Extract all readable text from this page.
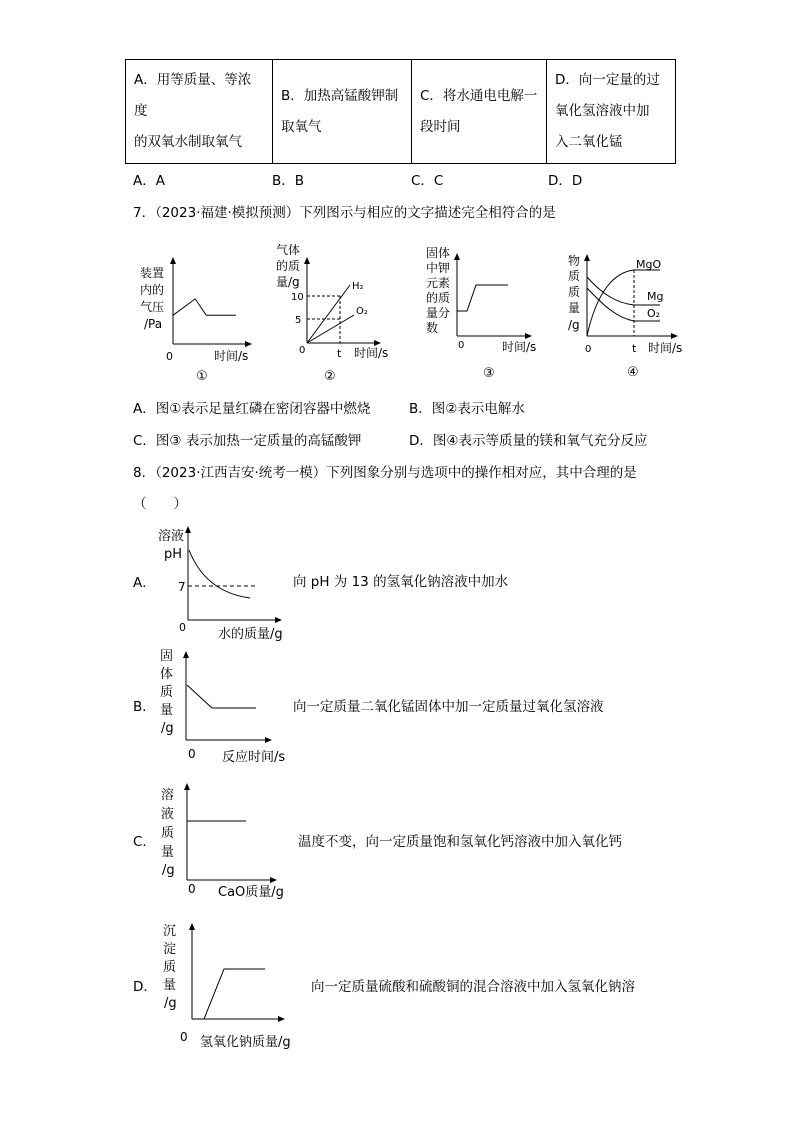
A．用等质量、等浓度
的双氧水制取氧气

B．加热高锰酸钾制
取氧气

C．将水通电电解一
段时间

D．向一定量的过
氧化氢溶液中加
入二氧化锰
A．A	B．B	C．C	D．D
7．（2023·福建·模拟预测）下列图示与相应的文字描述完全相符合的是
装置
内的
气压
/Pa
0	时间/s
①
气体
的质
量/g
10
5
H₂
O₂
0	t 时间/s
②
固体
中钾
元素
的质
量分
数
0	时间/s
③
物
质
质
量
/g
MgO
Mg
O₂
0	t 时间/s
④
A．图①表示足量红磷在密闭容器中燃烧	B．图②表示电解水
C．图③ 表示加热一定质量的高锰酸钾	D．图④表示等质量的镁和氧气充分反应
8．（2023·江西吉安·统考一模）下列图象分别与选项中的操作相对应，其中合理的是
（　　）
A．
溶液
pH
7
0 水的质量/g
向 pH 为 13 的氢氧化钠溶液中加水
B．
固
体
质
量
/g
0 反应时间/s
向一定质量二氧化锰固体中加一定质量过氧化氢溶液
C．
溶
液
质
量
/g
0 CaO质量/g
温度不变，向一定质量饱和氢氧化钙溶液中加入氧化钙
D．
沉
淀
质
量
/g
0 氢氧化钠质量/g
向一定质量硫酸和硫酸铜的混合溶液中加入氢氧化钠溶
